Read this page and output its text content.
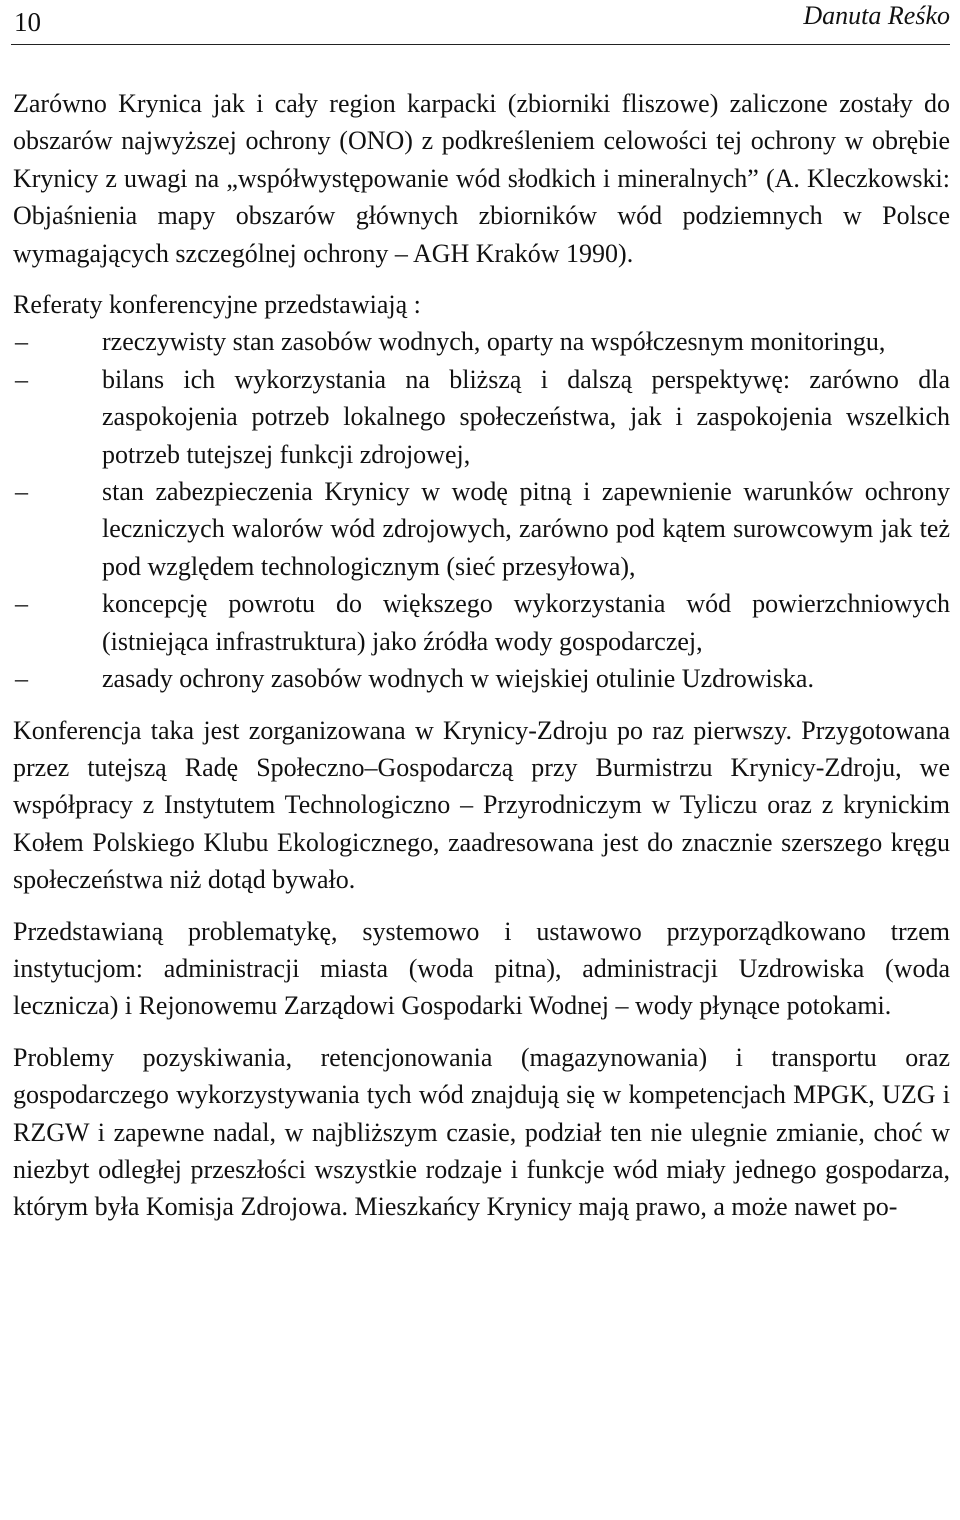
10	Danuta Reśko

Zarówno Krynica jak i cały region karpacki (zbiorniki fliszowe) zaliczone zostały do obszarów najwyższej ochrony (ONO) z podkreśleniem celowości tej ochrony w obrębie Krynicy z uwagi na „współwystępowanie wód słodkich i mineralnych” (A. Kleczkowski: Objaśnienia mapy obszarów głównych zbiorników wód podziemnych w Polsce wymagających szczególnej ochrony – AGH Kraków 1990).

Referaty konferencyjne przedstawiają :

–	rzeczywisty stan zasobów wodnych, oparty na współczesnym monitoringu,
–	bilans ich wykorzystania na bliższą i dalszą perspektywę: zarówno dla zaspokojenia potrzeb lokalnego społeczeństwa, jak i zaspokojenia wszelkich potrzeb tutejszej funkcji zdrojowej,
–	stan zabezpieczenia Krynicy w wodę pitną i zapewnienie warunków ochrony leczniczych walorów wód zdrojowych, zarówno pod kątem surowcowym jak też pod względem technologicznym (sieć przesyłowa),
–	koncepcję powrotu do większego wykorzystania wód powierzchniowych (istniejąca infrastruktura) jako źródła wody gospodarczej,
–	zasady ochrony zasobów wodnych w wiejskiej otulinie Uzdrowiska.

Konferencja taka jest zorganizowana w Krynicy-Zdroju po raz pierwszy. Przygotowana przez tutejszą Radę Społeczno–Gospodarczą przy Burmistrzu Krynicy-Zdroju, we współpracy z Instytutem Technologiczno – Przyrodniczym w Tyliczu oraz z krynickim Kołem Polskiego Klubu Ekologicznego, zaadresowana jest do znacznie szerszego kręgu społeczeństwa niż dotąd bywało.

Przedstawianą problematykę, systemowo i ustawowo przyporządkowano trzem instytucjom: administracji miasta (woda pitna), administracji Uzdrowiska (woda lecznicza) i Rejonowemu Zarządowi Gospodarki Wodnej – wody płynące potokami.

Problemy pozyskiwania, retencjonowania (magazynowania) i transportu oraz gospodarczego wykorzystywania tych wód znajdują się w kompetencjach MPGK, UZG i RZGW i zapewne nadal, w najbliższym czasie, podział ten nie ulegnie zmianie, choć w niezbyt odległej przeszłości wszystkie rodzaje i funkcje wód miały jednego gospodarza, którym była Komisja Zdrojowa. Mieszkańcy Krynicy mają prawo, a może nawet po-
